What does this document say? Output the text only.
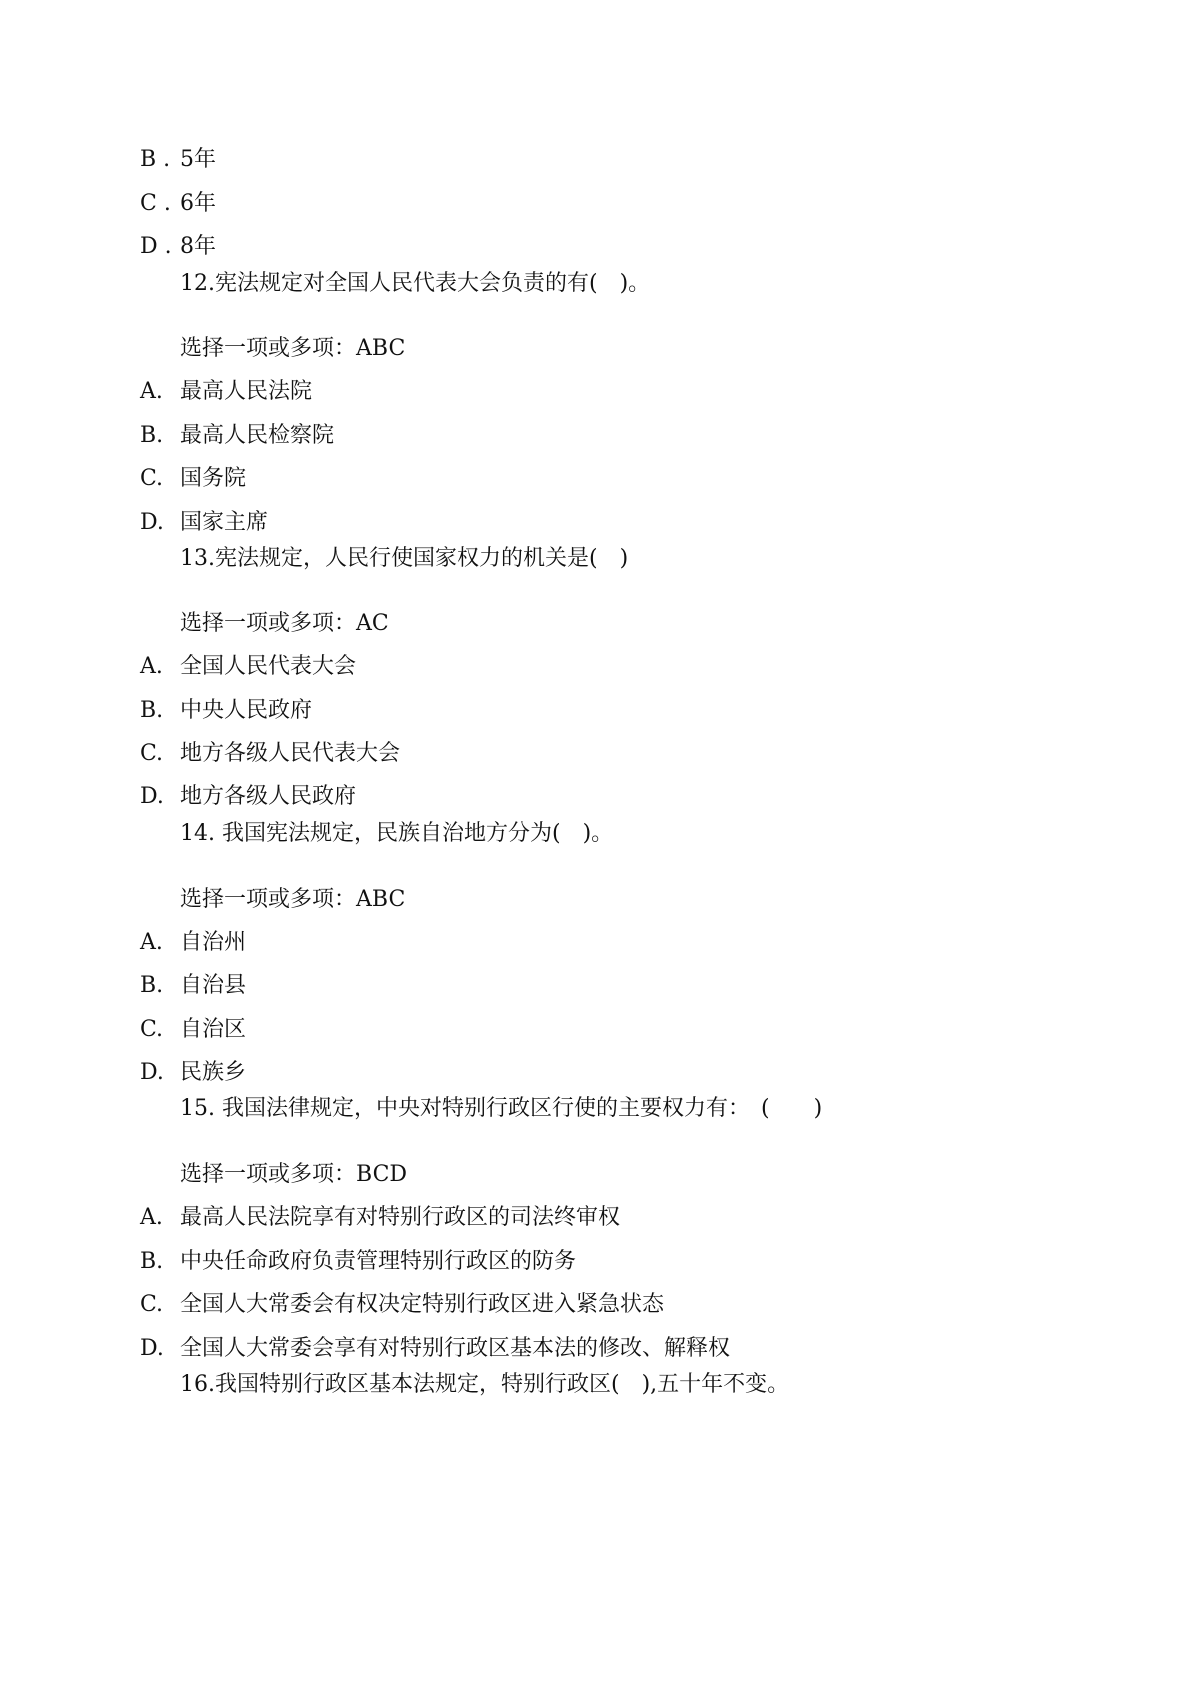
B . 5年
C . 6年
D . 8年
12.宪法规定对全国人民代表大会负责的有(　)。
选择一项或多项：ABC
A. 最高人民法院
B. 最高人民检察院
C. 国务院
D. 国家主席
13.宪法规定，人民行使国家权力的机关是(　)
选择一项或多项：AC
A. 全国人民代表大会
B. 中央人民政府
C. 地方各级人民代表大会
D. 地方各级人民政府
14. 我国宪法规定，民族自治地方分为(　)。
选择一项或多项：ABC
A. 自治州
B. 自治县
C. 自治区
D. 民族乡
15. 我国法律规定，中央对特别行政区行使的主要权力有：　(　　)
选择一项或多项：BCD
A. 最高人民法院享有对特别行政区的司法终审权
B. 中央任命政府负责管理特别行政区的防务
C. 全国人大常委会有权决定特别行政区进入紧急状态
D. 全国人大常委会享有对特别行政区基本法的修改、解释权
16.我国特别行政区基本法规定，特别行政区(　),五十年不变。
